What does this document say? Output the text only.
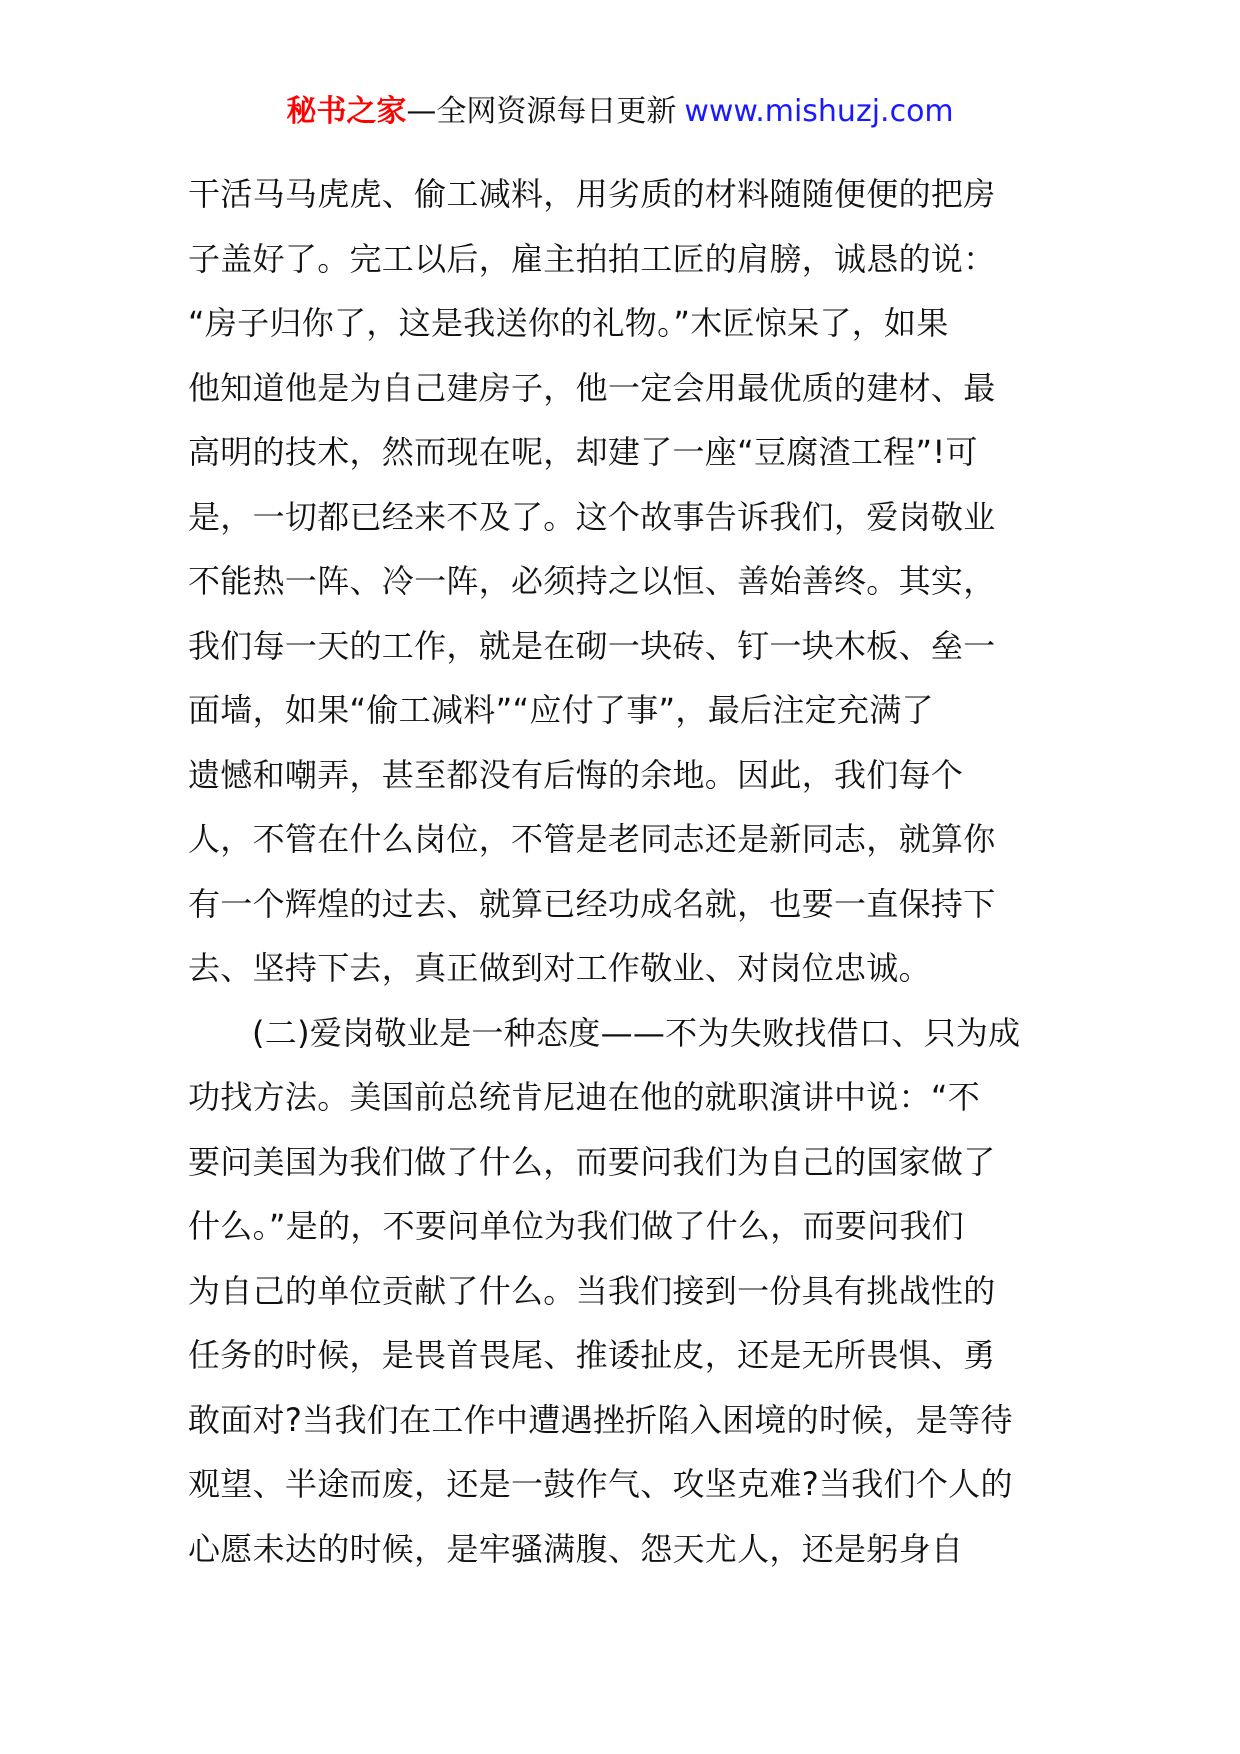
秘书之家—全网资源每日更新 www.mishuzj.com
干活马马虎虎、偷工减料，用劣质的材料随随便便的把房
子盖好了。完工以后，雇主拍拍工匠的肩膀，诚恳的说：
“房子归你了，这是我送你的礼物。”木匠惊呆了，如果
他知道他是为自己建房子，他一定会用最优质的建材、最
高明的技术，然而现在呢，却建了一座“豆腐渣工程”!可
是，一切都已经来不及了。这个故事告诉我们，爱岗敬业
不能热一阵、冷一阵，必须持之以恒、善始善终。其实，
我们每一天的工作，就是在砌一块砖、钉一块木板、垒一
面墙，如果“偷工减料”“应付了事”，最后注定充满了
遗憾和嘲弄，甚至都没有后悔的余地。因此，我们每个
人，不管在什么岗位，不管是老同志还是新同志，就算你
有一个辉煌的过去、就算已经功成名就，也要一直保持下
去、坚持下去，真正做到对工作敬业、对岗位忠诚。
(二)爱岗敬业是一种态度——不为失败找借口、只为成
功找方法。美国前总统肯尼迪在他的就职演讲中说：“不
要问美国为我们做了什么，而要问我们为自己的国家做了
什么。”是的，不要问单位为我们做了什么，而要问我们
为自己的单位贡献了什么。当我们接到一份具有挑战性的
任务的时候，是畏首畏尾、推诿扯皮，还是无所畏惧、勇
敢面对?当我们在工作中遭遇挫折陷入困境的时候，是等待
观望、半途而废，还是一鼓作气、攻坚克难?当我们个人的
心愿未达的时候，是牢骚满腹、怨天尤人，还是躬身自
